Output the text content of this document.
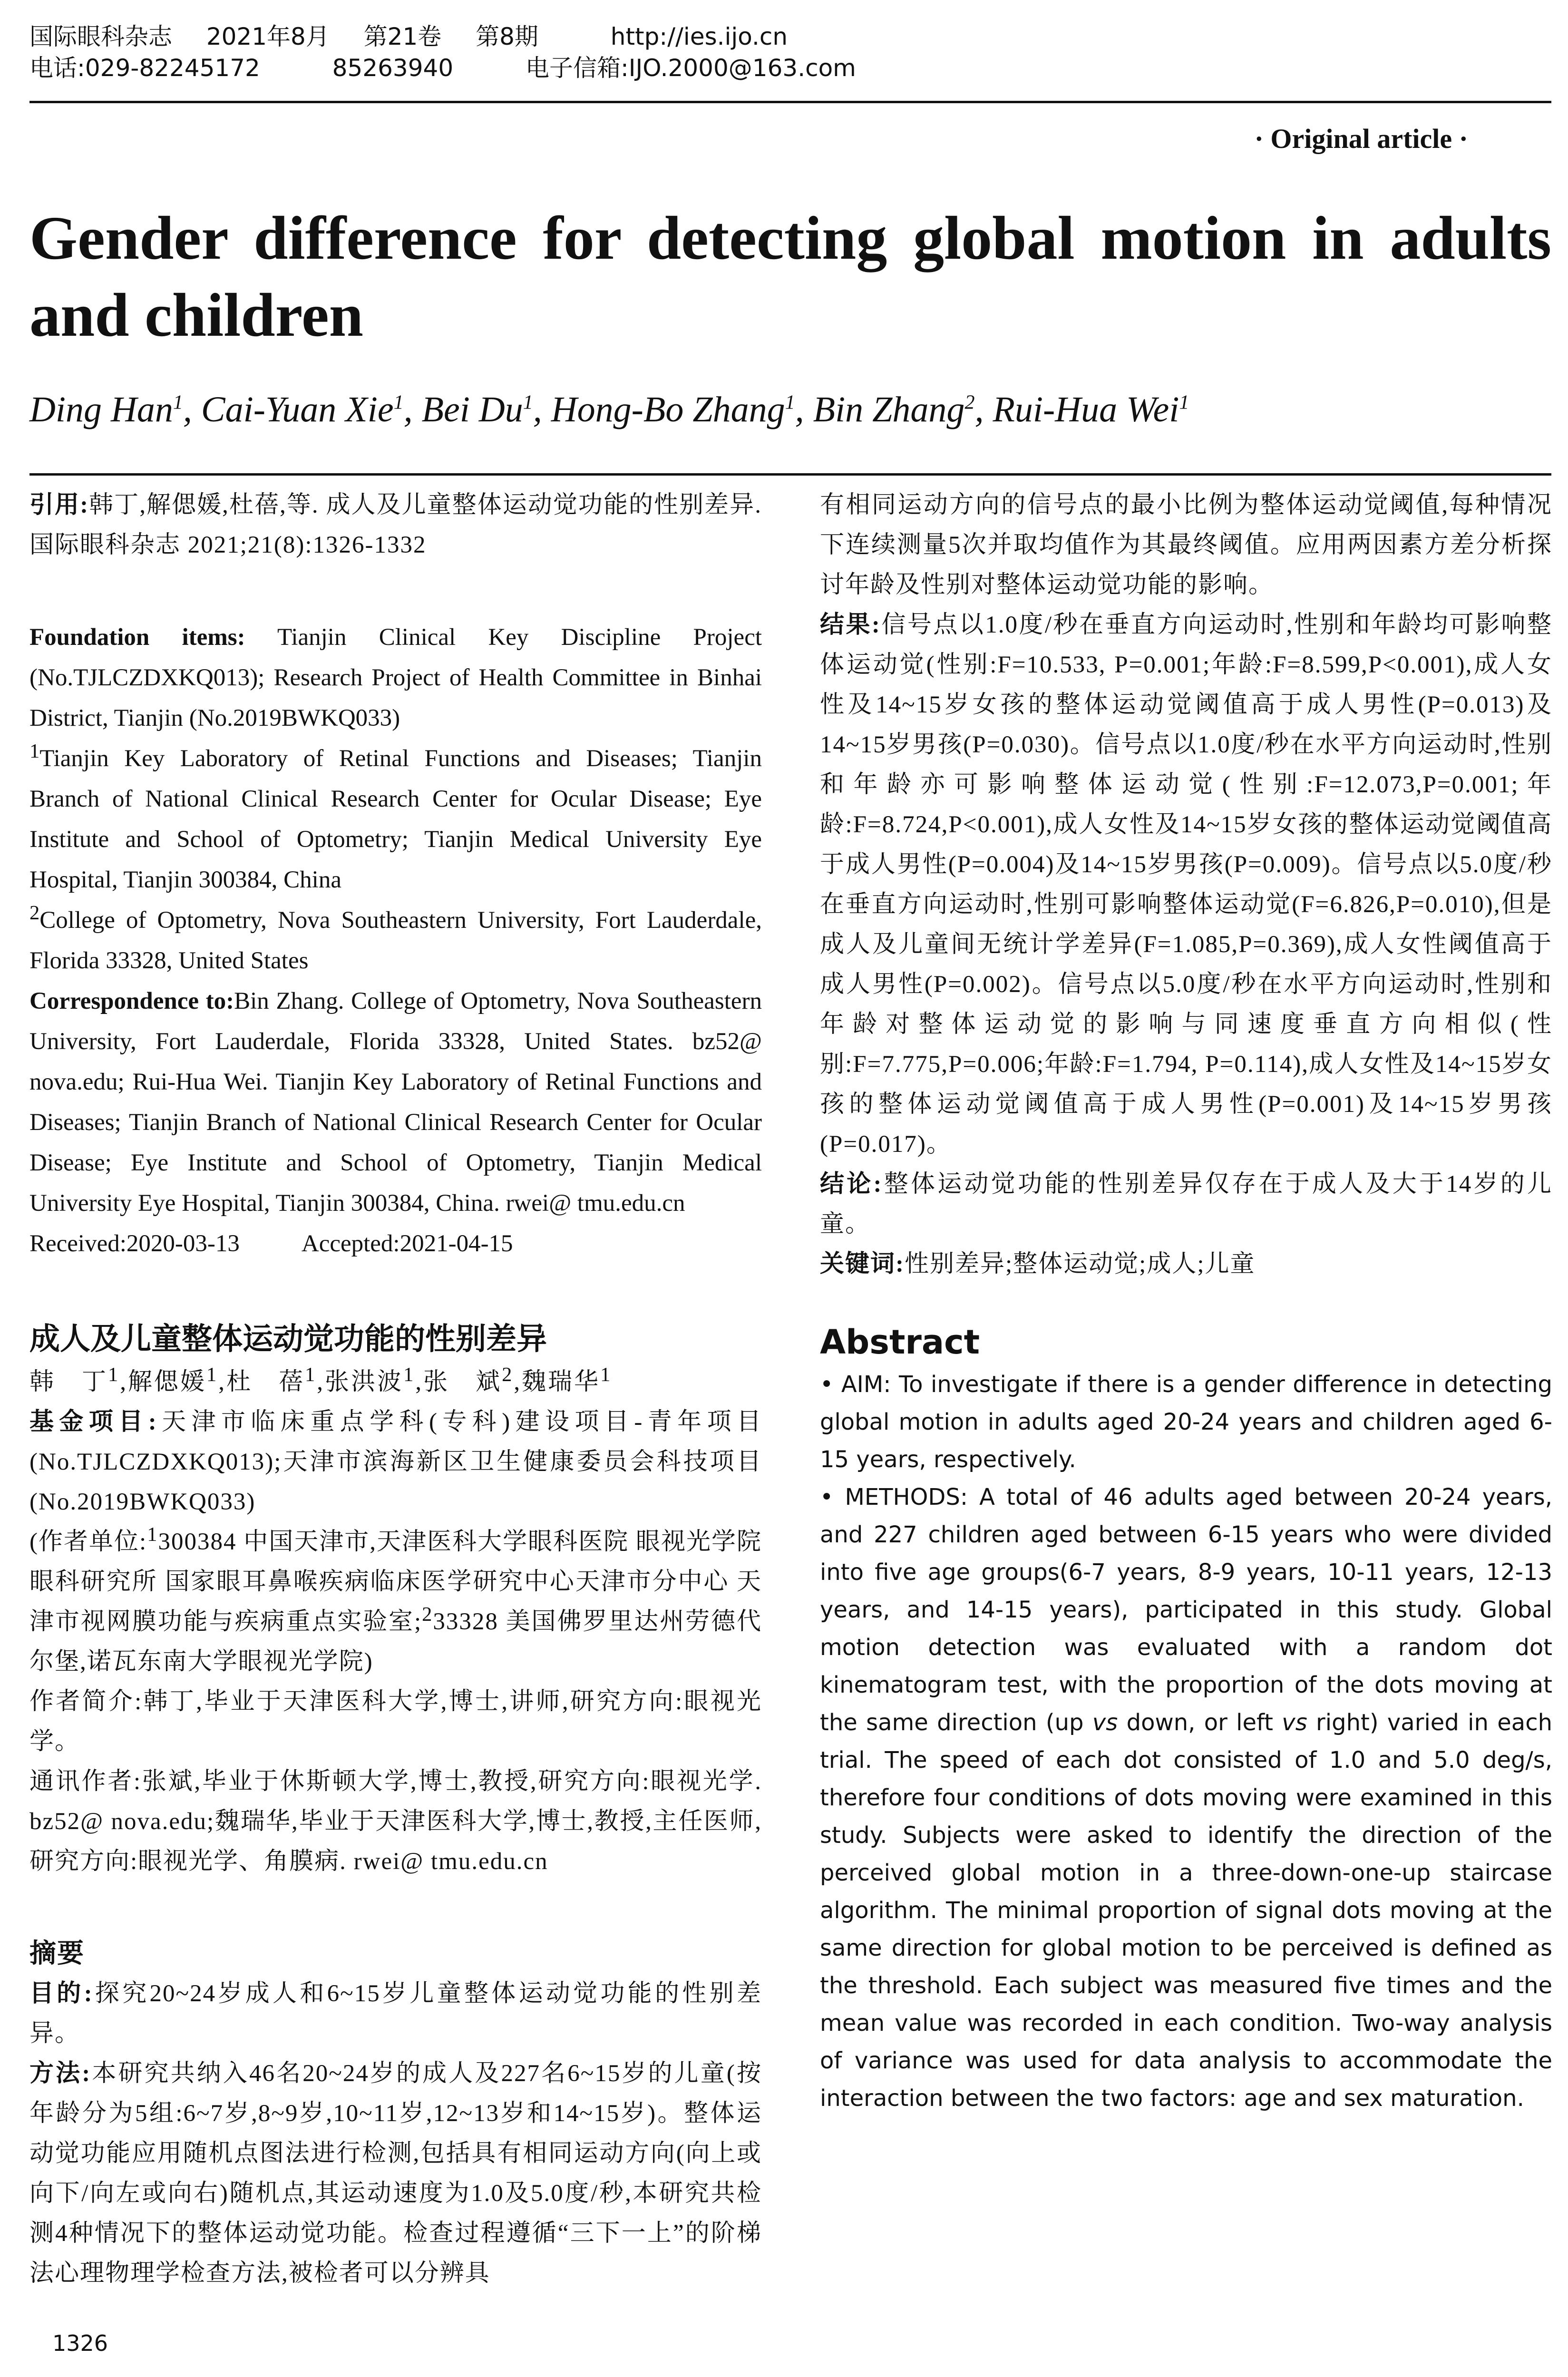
国际眼科杂志 2021年8月 第21卷 第8期	http://ies.ijo.cn
电话:029-82245172	85263940	电子信箱:IJO.2000@163.com
· Original article ·
Gender difference for detecting global motion in adults and children
Ding Han$^1$, Cai-Yuan Xie$^1$, Bei Du$^1$, Hong-Bo Zhang$^1$, Bin Zhang$^2$, Rui-Hua Wei$^1$

引用:韩丁,解偲媛,杜蓓,等. 成人及儿童整体运动觉功能的性别差异. 国际眼科杂志 2021;21(8):1326-1332

Foundation items: Tianjin Clinical Key Discipline Project (No.TJLCZDXKQ013); Research Project of Health Committee in Binhai District, Tianjin (No.2019BWKQ033)

$^1$Tianjin Key Laboratory of Retinal Functions and Diseases; Tianjin Branch of National Clinical Research Center for Ocular Disease; Eye Institute and School of Optometry; Tianjin Medical University Eye Hospital, Tianjin 300384, China

$^2$College of Optometry, Nova Southeastern University, Fort Lauderdale, Florida 33328, United States

Correspondence to:Bin Zhang. College of Optometry, Nova Southeastern University, Fort Lauderdale, Florida 33328, United States. bz52@ nova.edu; Rui-Hua Wei. Tianjin Key Laboratory of Retinal Functions and Diseases; Tianjin Branch of National Clinical Research Center for Ocular Disease; Eye Institute and School of Optometry, Tianjin Medical University Eye Hospital, Tianjin 300384, China. rwei@ tmu.edu.cn

Received:2020-03-13	Accepted:2021-04-15

成人及儿童整体运动觉功能的性别差异

韩　丁$^1$,解偲媛$^1$,杜　蓓$^1$,张洪波$^1$,张　斌$^2$,魏瑞华$^1$

基金项目:天津市临床重点学科(专科)建设项目-青年项目(No.TJLCZDXKQ013);天津市滨海新区卫生健康委员会科技项目(No.2019BWKQ033)

(作者单位:$^1$300384 中国天津市,天津医科大学眼科医院 眼视光学院 眼科研究所 国家眼耳鼻喉疾病临床医学研究中心天津市分中心 天津市视网膜功能与疾病重点实验室;$^2$33328 美国佛罗里达州劳德代尔堡,诺瓦东南大学眼视光学院)

作者简介:韩丁,毕业于天津医科大学,博士,讲师,研究方向:眼视光学。

通讯作者:张斌,毕业于休斯顿大学,博士,教授,研究方向:眼视光学. bz52@ nova.edu;魏瑞华,毕业于天津医科大学,博士,教授,主任医师,研究方向:眼视光学、角膜病. rwei@ tmu.edu.cn

摘要

目的:探究20~24岁成人和6~15岁儿童整体运动觉功能的性别差异。

方法:本研究共纳入46名20~24岁的成人及227名6~15岁的儿童(按年龄分为5组:6~7岁,8~9岁,10~11岁,12~13岁和14~15岁)。整体运动觉功能应用随机点图法进行检测,包括具有相同运动方向(向上或向下/向左或向右)随机点,其运动速度为1.0及5.0度/秒,本研究共检测4种情况下的整体运动觉功能。检查过程遵循“三下一上”的阶梯法心理物理学检查方法,被检者可以分辨具

有相同运动方向的信号点的最小比例为整体运动觉阈值,每种情况下连续测量5次并取均值作为其最终阈值。应用两因素方差分析探讨年龄及性别对整体运动觉功能的影响。

结果:信号点以1.0度/秒在垂直方向运动时,性别和年龄均可影响整体运动觉(性别:F=10.533, P=0.001;年龄:F=8.599,P<0.001),成人女性及14~15岁女孩的整体运动觉阈值高于成人男性(P=0.013)及14~15岁男孩(P=0.030)。信号点以1.0度/秒在水平方向运动时,性别和年龄亦可影响整体运动觉(性别:F=12.073,P=0.001;年龄:F=8.724,P<0.001),成人女性及14~15岁女孩的整体运动觉阈值高于成人男性(P=0.004)及14~15岁男孩(P=0.009)。信号点以5.0度/秒在垂直方向运动时,性别可影响整体运动觉(F=6.826,P=0.010),但是成人及儿童间无统计学差异(F=1.085,P=0.369),成人女性阈值高于成人男性(P=0.002)。信号点以5.0度/秒在水平方向运动时,性别和年龄对整体运动觉的影响与同速度垂直方向相似(性别:F=7.775,P=0.006;年龄:F=1.794, P=0.114),成人女性及14~15岁女孩的整体运动觉阈值高于成人男性(P=0.001)及14~15岁男孩(P=0.017)。

结论:整体运动觉功能的性别差异仅存在于成人及大于14岁的儿童。

关键词:性别差异;整体运动觉;成人;儿童

Abstract

• AIM: To investigate if there is a gender difference in detecting global motion in adults aged 20-24 years and children aged 6-15 years, respectively.

• METHODS: A total of 46 adults aged between 20-24 years, and 227 children aged between 6-15 years who were divided into five age groups(6-7 years, 8-9 years, 10-11 years, 12-13 years, and 14-15 years), participated in this study. Global motion detection was evaluated with a random dot kinematogram test, with the proportion of the dots moving at the same direction (up vs down, or left vs right) varied in each trial. The speed of each dot consisted of 1.0 and 5.0 deg/s, therefore four conditions of dots moving were examined in this study. Subjects were asked to identify the direction of the perceived global motion in a three-down-one-up staircase algorithm. The minimal proportion of signal dots moving at the same direction for global motion to be perceived is defined as the threshold. Each subject was measured five times and the mean value was recorded in each condition. Two-way analysis of variance was used for data analysis to accommodate the interaction between the two factors: age and sex maturation.

1326
